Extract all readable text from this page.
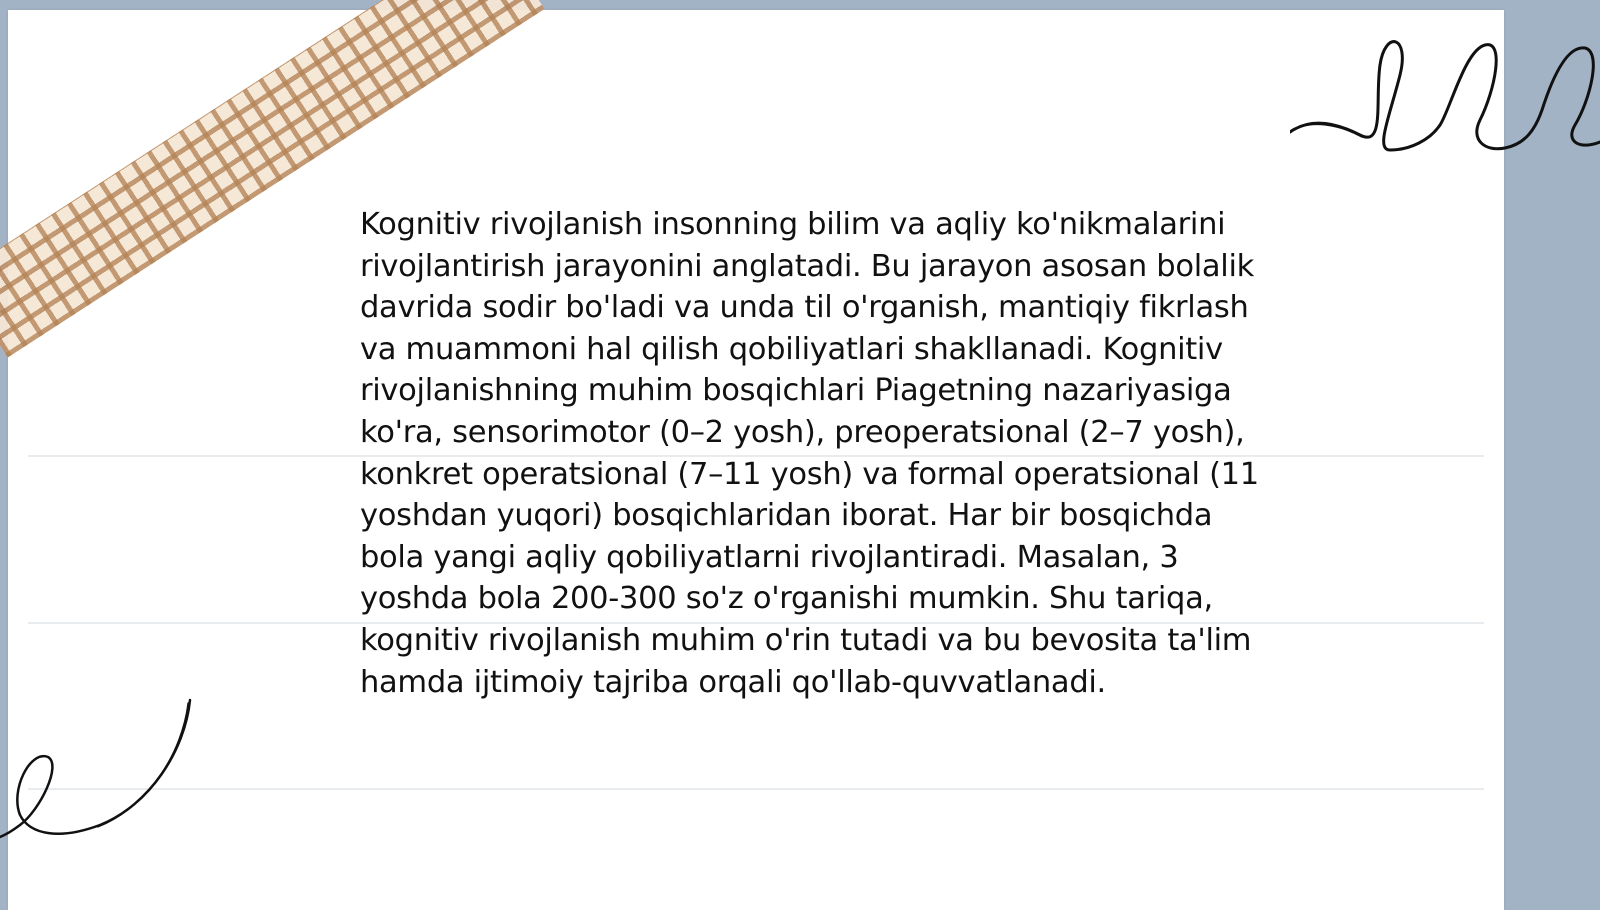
Kognitiv rivojlanish insonning bilim va aqliy ko'nikmalarini rivojlantirish jarayonini anglatadi. Bu jarayon asosan bolalik davrida sodir bo'ladi va unda til o'rganish, mantiqiy fikrlash va muammoni hal qilish qobiliyatlari shakllanadi. Kognitiv rivojlanishning muhim bosqichlari Piagetning nazariyasiga ko'ra, sensorimotor (0–2 yosh), preoperatsional (2–7 yosh), konkret operatsional (7–11 yosh) va formal operatsional (11 yoshdan yuqori) bosqichlaridan iborat. Har bir bosqichda bola yangi aqliy qobiliyatlarni rivojlantiradi. Masalan, 3 yoshda bola 200-300 so'z o'rganishi mumkin. Shu tariqa, kognitiv rivojlanish muhim o'rin tutadi va bu bevosita ta'lim hamda ijtimoiy tajriba orqali qo'llab-quvvatlanadi.
